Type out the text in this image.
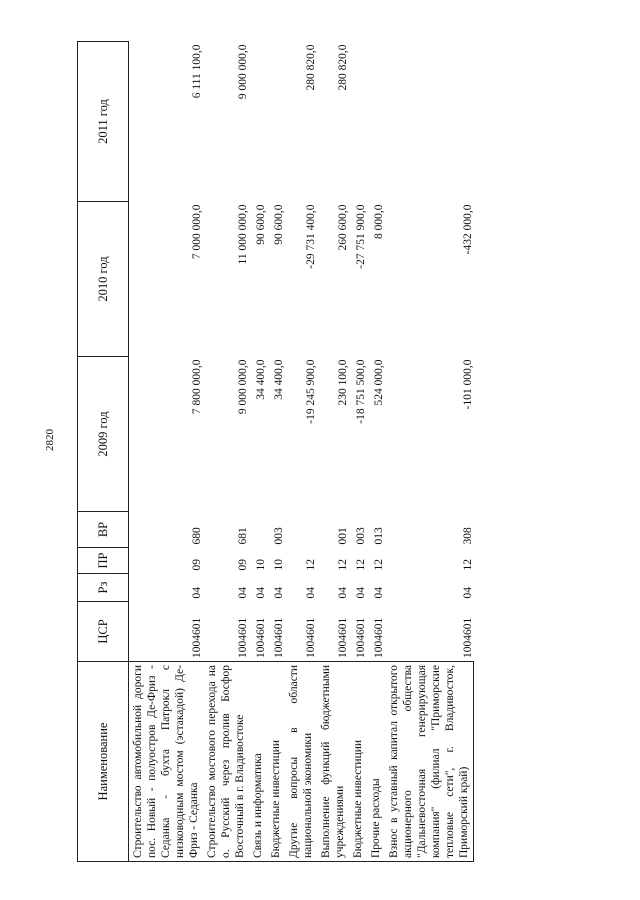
2820
Наименование	ЦСР	Рз	ПР	ВР	2009 год	2010 год	2011 год
Строительство автомобильной дороги пос. Новый - полуостров Де-Фриз - Седанка - бухта Патрокл с низководным мостом (эстакадой) Де-Фриз - Седанка	1004601	04	09	680	7 800 000,0	7 000 000,0	6 111 100,0
Строительство мостового перехода на о. Русский через пролив Босфор Восточный в г. Владивостоке	1004601	04	09	681	9 000 000,0	11 000 000,0	9 000 000,0
Связь и информатика	1004601	04	10		34 400,0	90 600,0	
Бюджетные инвестиции	1004601	04	10	003	34 400,0	90 600,0	
Другие вопросы в области национальной экономики	1004601	04	12		-19 245 900,0	-29 731 400,0	280 820,0
Выполнение функций бюджетными учреждениями	1004601	04	12	001	230 100,0	260 600,0	280 820,0
Бюджетные инвестиции	1004601	04	12	003	-18 751 500,0	-27 751 900,0	
Прочие расходы	1004601	04	12	013	524 000,0	8 000,0	
Взнос в уставный капитал открытого акционерного общества "Дальневосточная генерирующая компания" (филиал "Приморские тепловые сети", г. Владивосток, Приморский край)	1004601	04	12	308	-101 000,0	-432 000,0	
